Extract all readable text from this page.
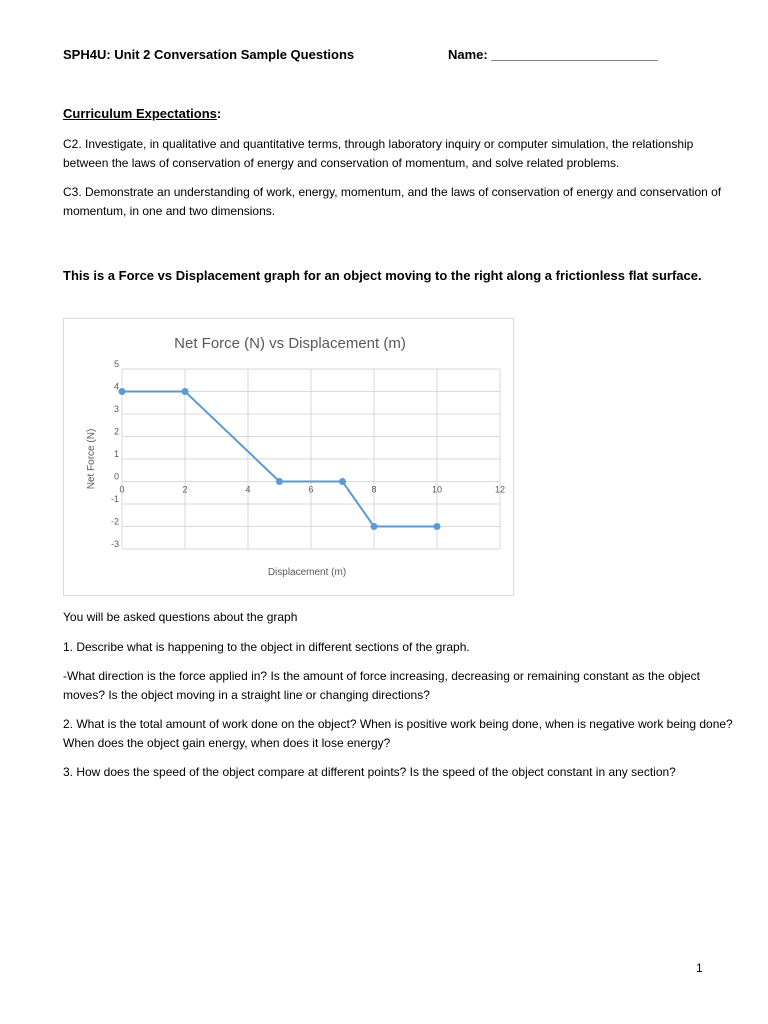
SPH4U: Unit 2 Conversation Sample Questions	Name: _______________________
Curriculum Expectations:
C2. Investigate, in qualitative and quantitative terms, through laboratory inquiry or computer simulation, the relationship between the laws of conservation of energy and conservation of momentum, and solve related problems.
C3. Demonstrate an understanding of work, energy, momentum, and the laws of conservation of energy and conservation of momentum, in one and two dimensions.
This is a Force vs Displacement graph for an object moving to the right along a frictionless flat surface.
Net Force (N) vs Displacement (m)
Displacement (m)
Net Force (N)
-3
-2
-1
0
1
2
3
4
5
0	2	4	6	8	10	12
You will be asked questions about the graph
1. Describe what is happening to the object in different sections of the graph.
-What direction is the force applied in? Is the amount of force increasing, decreasing or remaining constant as the object moves? Is the object moving in a straight line or changing directions?
2. What is the total amount of work done on the object? When is positive work being done, when is negative work being done? When does the object gain energy, when does it lose energy?
3. How does the speed of the object compare at different points? Is the speed of the object constant in any section?
1
